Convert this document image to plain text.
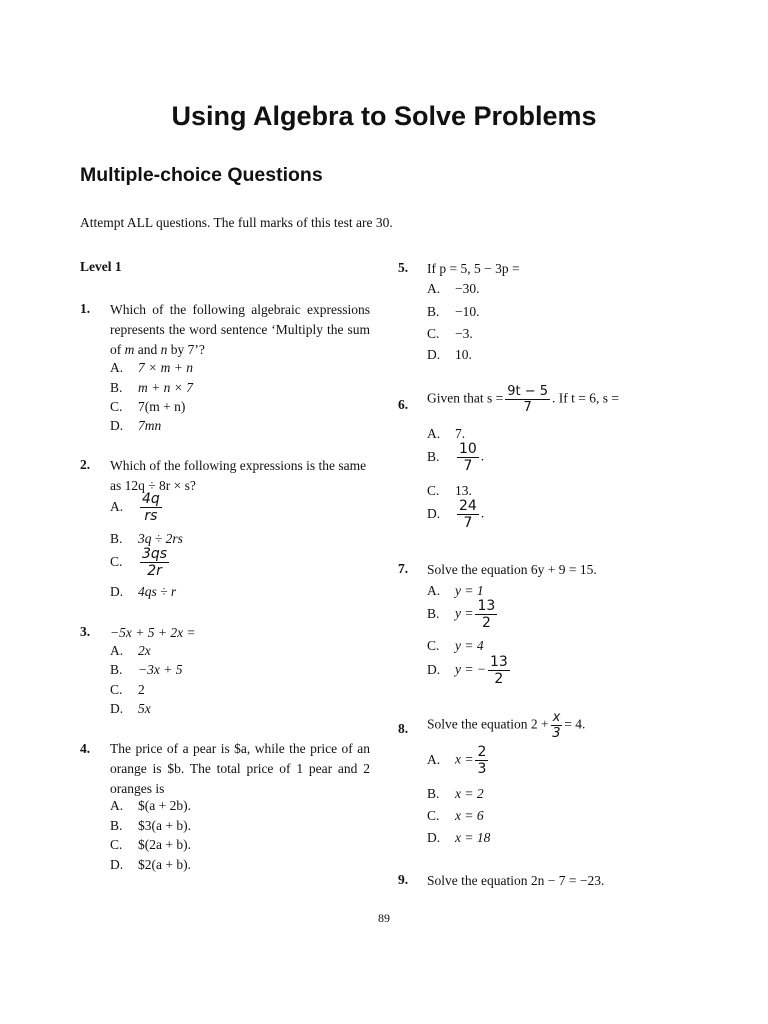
Using Algebra to Solve Problems
Multiple-choice Questions
Attempt ALL questions. The full marks of this test are 30.
Level 1
1. Which of the following algebraic expressions represents the word sentence ‘Multiply the sum of m and n by 7’?
A. 7 × m + n
B. m + n × 7
C. 7(m + n)
D. 7mn
2. Which of the following expressions is the same as 12q ÷ 8r × s?
A. $\frac{4q}{rs}$
B. 3q ÷ 2rs
C. $\frac{3qs}{2r}$
D. 4qs ÷ r
3. −5x + 5 + 2x =
A. 2x
B. −3x + 5
C. 2
D. 5x
4. The price of a pear is $a, while the price of an orange is $b. The total price of 1 pear and 2 oranges is
A. $(a + 2b).
B. $3(a + b).
C. $(2a + b).
D. $2(a + b).
5. If p = 5, 5 − 3p =
A. −30.
B. −10.
C. −3.
D. 10.
6. Given that $s = \frac{9t - 5}{7}$ . If t = 6, s =
A. 7.
B. $\frac{10}{7}$ .
C. 13.
D. $\frac{24}{7}$ .
7. Solve the equation 6y + 9 = 15.
A. y = 1
B. $y = \frac{13}{2}$
C. y = 4
D. y = − $\frac{13}{2}$
8. Solve the equation $2 + \frac{x}{3} = 4$.
A. $x = \frac{2}{3}$
B. x = 2
C. x = 6
D. x = 18
9. Solve the equation 2n − 7 = −23.
89
